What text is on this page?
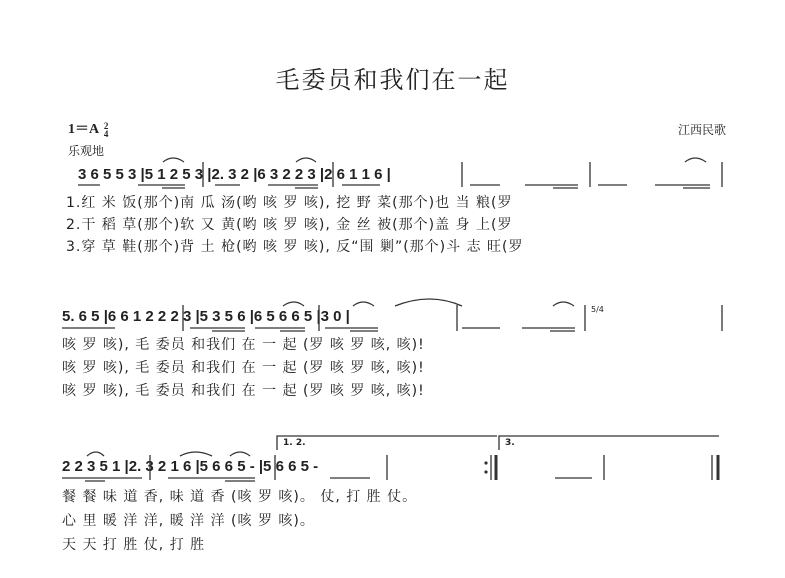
毛委员和我们在一起
1＝A 2
4
乐观地
江西民歌
3 6 5 5 3 |5 1 2 5 3 |2. 3 2 |6 3 2 2 3 |2 6 1 1 6 |
1.红 米 饭(那个)南 瓜 汤(哟 咳 罗 咳), 挖 野 菜(那个)也 当 粮(罗
2.干 稻 草(那个)软 又 黄(哟 咳 罗 咳), 金 丝 被(那个)盖 身 上(罗
3.穿 草 鞋(那个)背 土 枪(哟 咳 罗 咳), 反“围 剿”(那个)斗 志 旺(罗
5. 6 5 |6 6 1 2 2 2 3 |5 3 5 6 |6 5 6 6 5 |3 0 |
咳 罗 咳), 毛 委员 和我们 在 一 起 (罗 咳 罗 咳, 咳)!
咳 罗 咳), 毛 委员 和我们 在 一 起 (罗 咳 罗 咳, 咳)!
咳 罗 咳), 毛 委员 和我们 在 一 起 (罗 咳 罗 咳, 咳)!
5/4
1. 2.	3.
2 2 3 5 1 |2. 3 2 1 6 |5 6 6 5 - |5 6 6 5 -
餐 餐 味 道 香, 味 道 香 (咳 罗 咳)。 仗, 打 胜 仗。
心 里 暖 洋 洋, 暖 洋 洋 (咳 罗 咳)。
天 天 打 胜 仗, 打 胜
